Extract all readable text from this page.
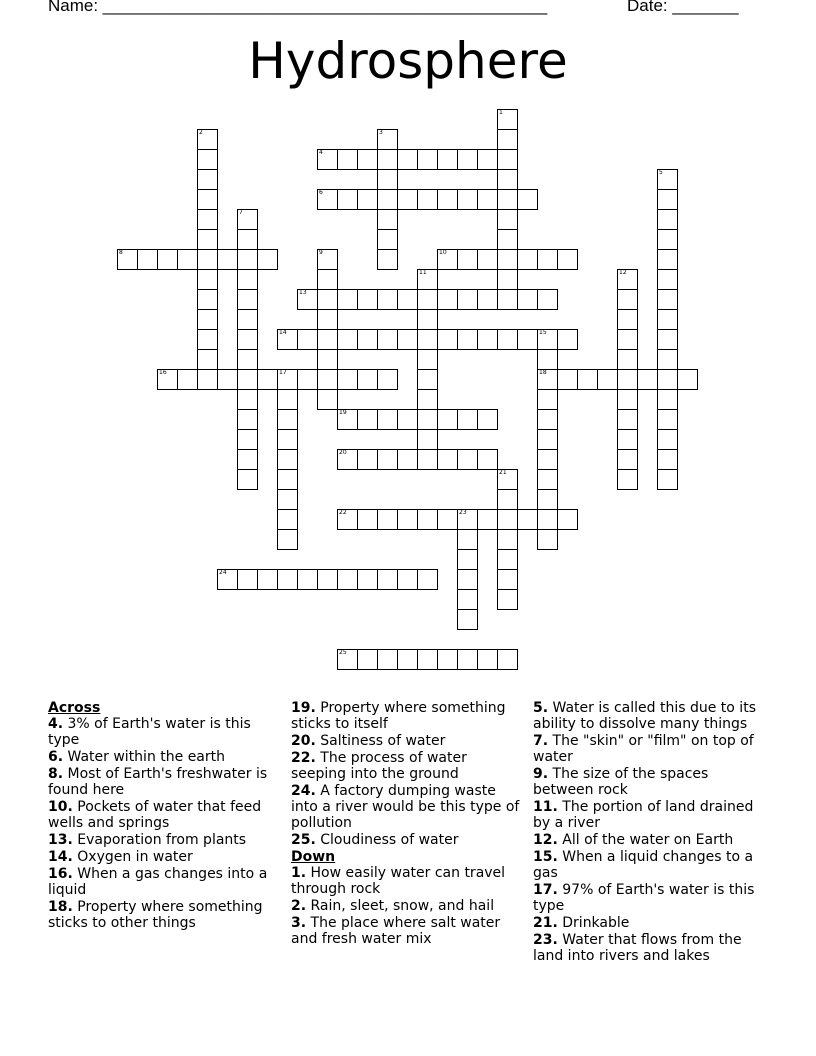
Name: _______________________________________________	Date: _______
Hydrosphere
1
2	3
4
5
6
7
8	9	10
11	12
13
14	15
18
16	17
19
20
21
22	23
24
25

Across

4. 3% of Earth's water is this type

6. Water within the earth

8. Most of Earth's freshwater is found here

10. Pockets of water that feed wells and springs

13. Evaporation from plants

14. Oxygen in water

16. When a gas changes into a liquid

18. Property where something sticks to other things

19. Property where something sticks to itself

20. Saltiness of water

22. The process of water seeping into the ground

24. A factory dumping waste into a river would be this type of pollution

25. Cloudiness of water

Down

1. How easily water can travel through rock

2. Rain, sleet, snow, and hail

3. The place where salt water and fresh water mix

5. Water is called this due to its ability to dissolve many things

7. The "skin" or "film" on top of water

9. The size of the spaces between rock

11. The portion of land drained by a river

12. All of the water on Earth

15. When a liquid changes to a gas

17. 97% of Earth's water is this type

21. Drinkable

23. Water that flows from the land into rivers and lakes
